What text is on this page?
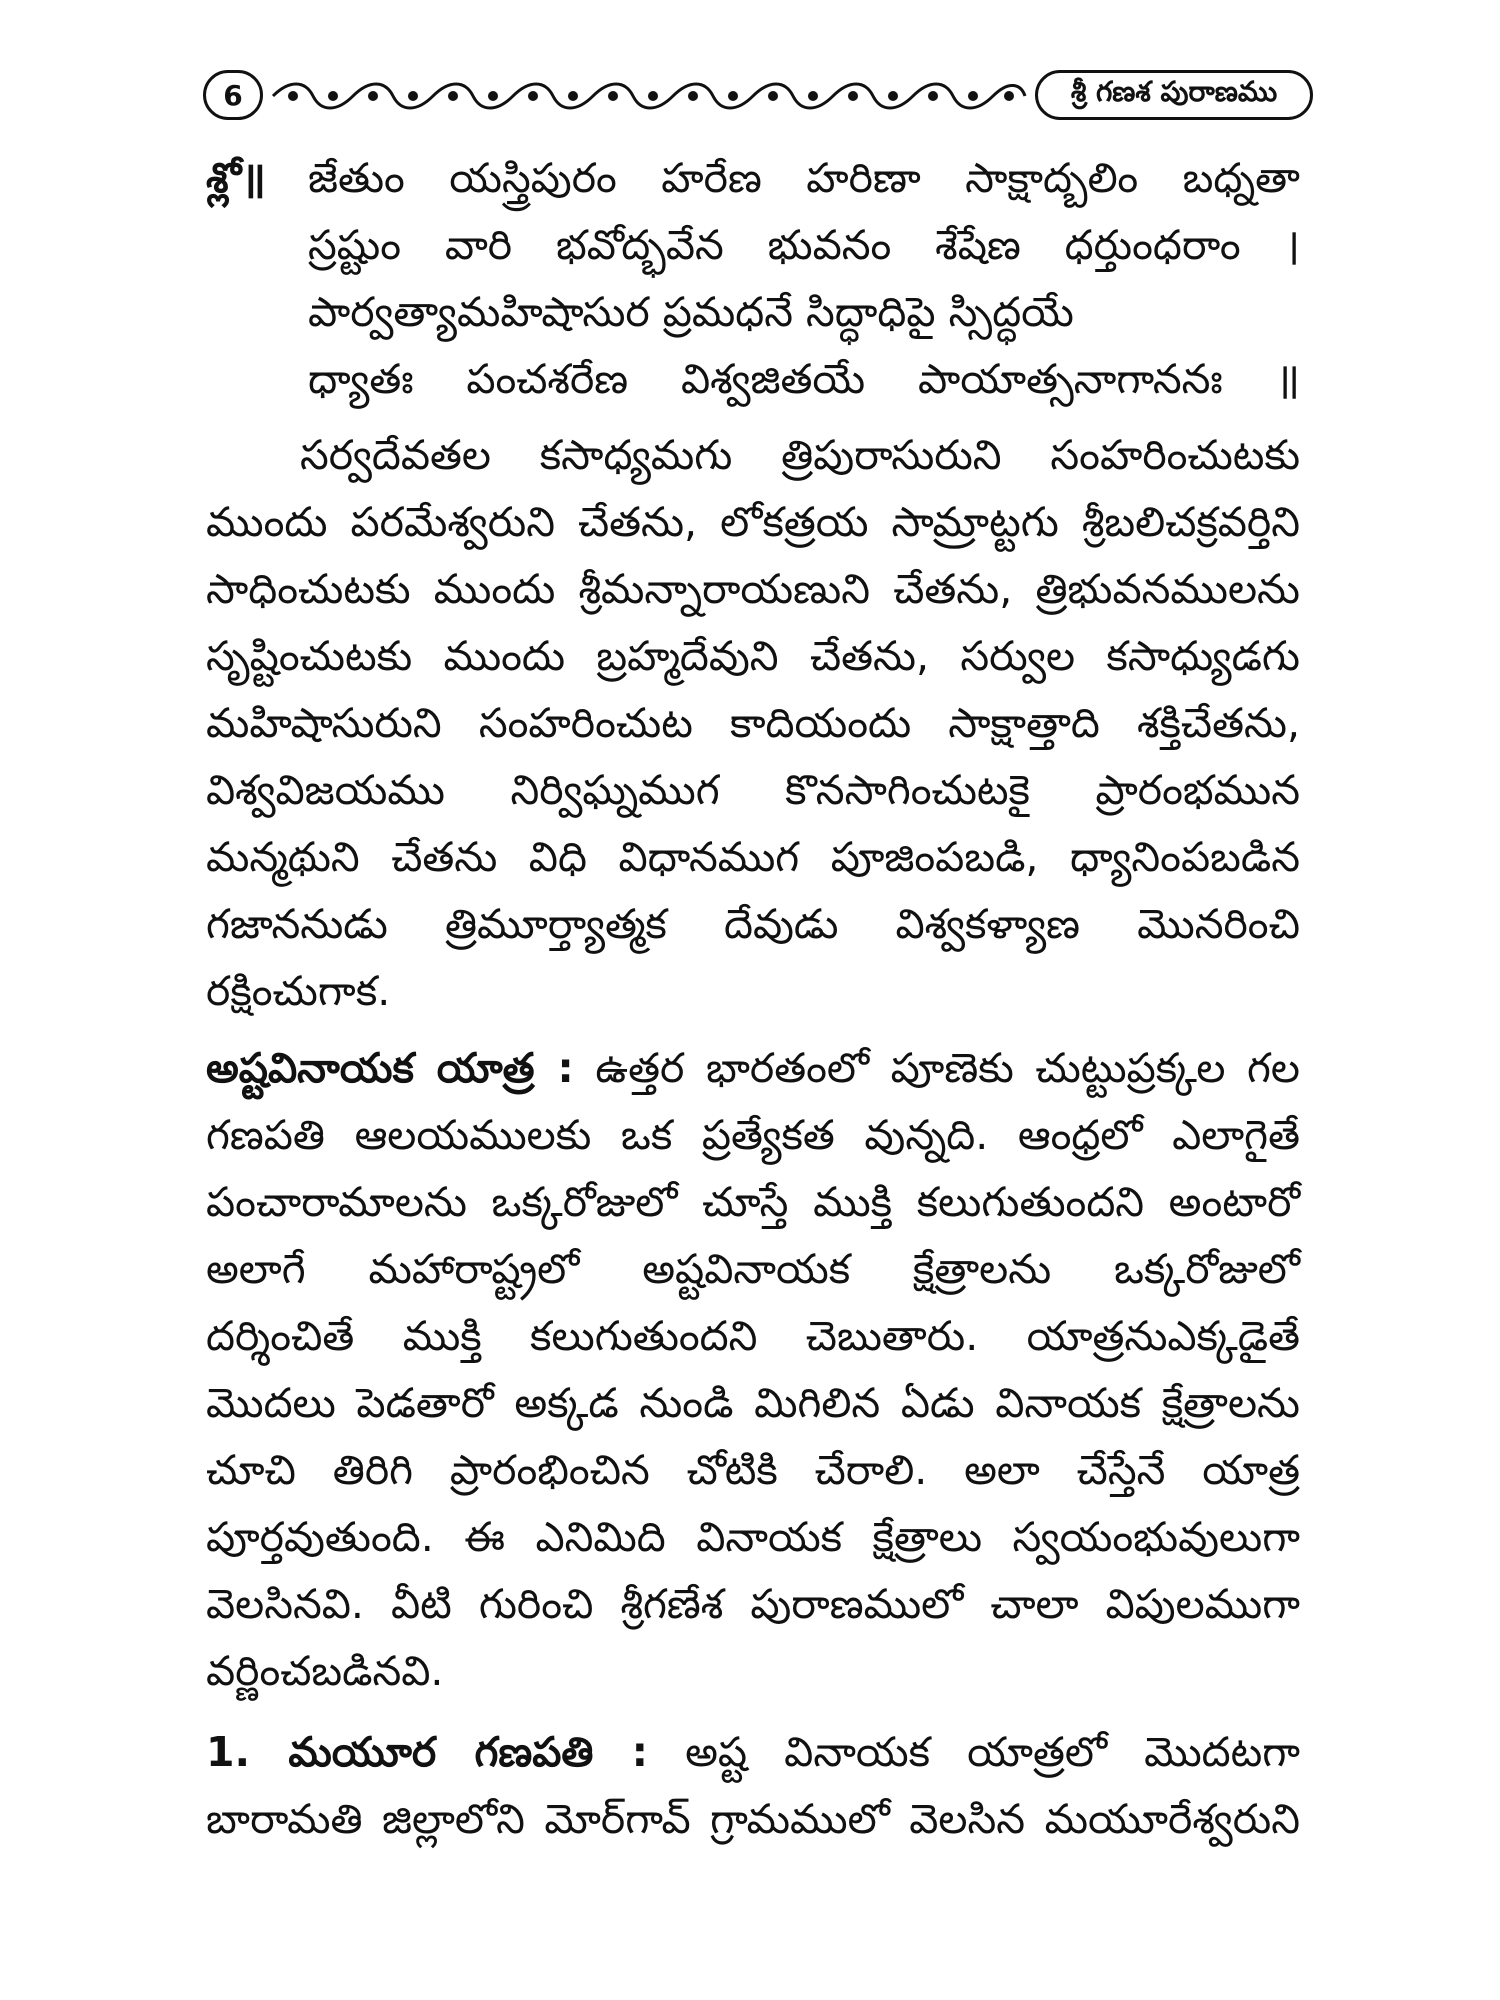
6	శ్రీ గణశ పురాణము
శ్లో॥ జేతుం యస్త్రిపురం హరేణ హరిణా సాక్షాద్బలిం బధ్నతా
స్రష్టుం వారి భవోద్భవేన భువనం శేషేణ ధర్తుంధరాం ।
పార్వత్యామహిషాసుర ప్రమధనే సిద్ధాధిపై స్సిద్ధయే
ధ్యాతః పంచశరేణ విశ్వజితయే పాయాత్సనాగాననః ॥
సర్వదేవతల కసాధ్యమగు త్రిపురాసురుని సంహరించుటకు
ముందు పరమేశ్వరుని చేతను, లోకత్రయ సామ్రాట్టగు శ్రీబలిచక్రవర్తిని
సాధించుటకు ముందు శ్రీమన్నారాయణుని చేతను, త్రిభువనములను
సృష్టించుటకు ముందు బ్రహ్మదేవుని చేతను, సర్వుల కసాధ్యుడగు
మహిషాసురుని సంహరించుట కాదియందు సాక్షాత్తాది శక్తిచేతను,
విశ్వవిజయము నిర్విఘ్నముగ కొనసాగించుటకై ప్రారంభమున
మన్మథుని చేతను విధి విధానముగ పూజింపబడి, ధ్యానింపబడిన
గజాననుడు త్రిమూర్త్యాత్మక దేవుడు విశ్వకళ్యాణ మొనరించి
రక్షించుగాక.
అష్టవినాయక యాత్ర : ఉత్తర భారతంలో పూణెకు చుట్టుప్రక్కల గల
గణపతి ఆలయములకు ఒక ప్రత్యేకత వున్నది. ఆంధ్రలో ఎలాగైతే
పంచారామాలను ఒక్కరోజులో చూస్తే ముక్తి కలుగుతుందని అంటారో
అలాగే మహారాష్ట్రలో అష్టవినాయక క్షేత్రాలను ఒక్కరోజులో
దర్శించితే ముక్తి కలుగుతుందని చెబుతారు. యాత్రనుఎక్కడైతే
మొదలు పెడతారో అక్కడ నుండి మిగిలిన ఏడు వినాయక క్షేత్రాలను
చూచి తిరిగి ప్రారంభించిన చోటికి చేరాలి. అలా చేస్తేనే యాత్ర
పూర్తవుతుంది. ఈ ఎనిమిది వినాయక క్షేత్రాలు స్వయంభువులుగా
వెలసినవి. వీటి గురించి శ్రీగణేశ పురాణములో చాలా విపులముగా
వర్ణించబడినవి.
1. మయూర గణపతి : అష్ట వినాయక యాత్రలో మొదటగా
బారామతి జిల్లాలోని మోర్‌గావ్ గ్రామములో వెలసిన మయూరేశ్వరుని
